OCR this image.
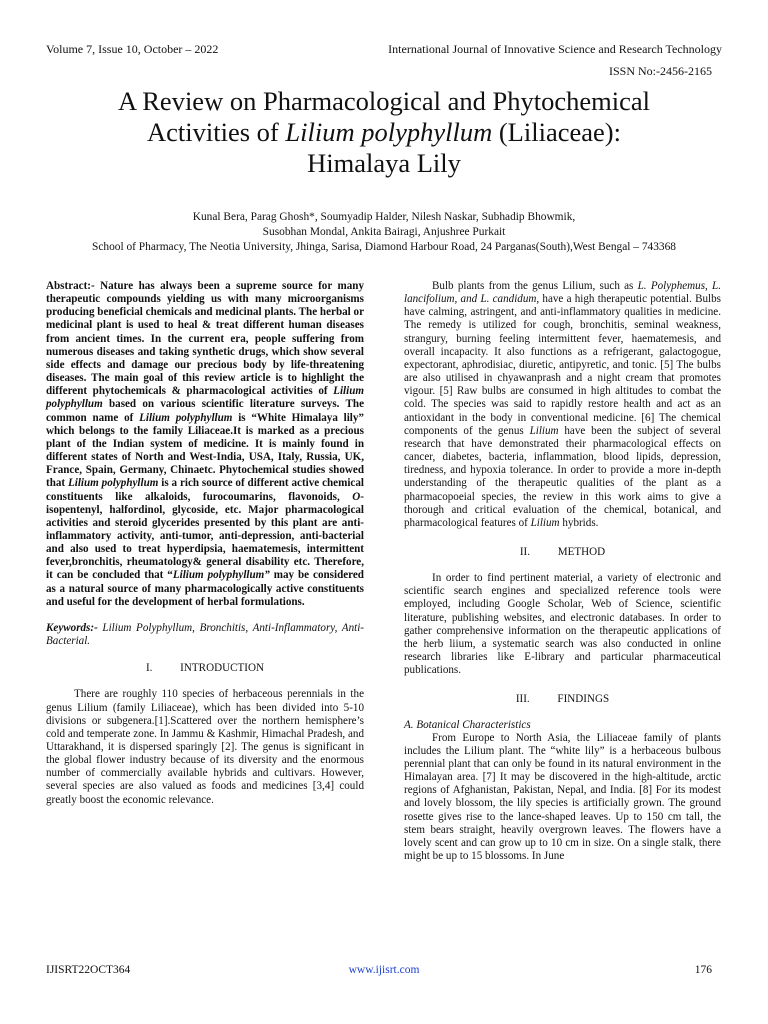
Volume 7, Issue 10, October – 2022	International Journal of Innovative Science and Research Technology
ISSN No:-2456-2165
A Review on Pharmacological and Phytochemical
Activities of Lilium polyphyllum (Liliaceae):
Himalaya Lily
Kunal Bera, Parag Ghosh*, Soumyadip Halder, Nilesh Naskar, Subhadip Bhowmik,
Susobhan Mondal, Ankita Bairagi, Anjushree Purkait
School of Pharmacy, The Neotia University, Jhinga, Sarisa, Diamond Harbour Road, 24 Parganas(South),West Bengal – 743368

Abstract:- Nature has always been a supreme source for many therapeutic compounds yielding us with many microorganisms producing beneficial chemicals and medicinal plants. The herbal or medicinal plant is used to heal & treat different human diseases from ancient times. In the current era, people suffering from numerous diseases and taking synthetic drugs, which show several side effects and damage our precious body by life-threatening diseases. The main goal of this review article is to highlight the different phytochemicals & pharmacological activities of Lilium polyphyllum based on various scientific literature surveys. The common name of Lilium polyphyllum is “White Himalaya lily” which belongs to the family Liliaceae.It is marked as a precious plant of the Indian system of medicine. It is mainly found in different states of North and West-India, USA, Italy, Russia, UK, France, Spain, Germany, Chinaetc. Phytochemical studies showed that Lilium polyphyllum is a rich source of different active chemical constituents like alkaloids, furocoumarins, flavonoids, O-isopentenyl, halfordinol, glycoside, etc. Major pharmacological activities and steroid glycerides presented by this plant are anti-inflammatory activity, anti-tumor, anti-depression, anti-bacterial and also used to treat hyperdipsia, haematemesis, intermittent fever,bronchitis, rheumatology& general disability etc. Therefore, it can be concluded that “Lilium polyphyllum” may be considered as a natural source of many pharmacologically active constituents and useful for the development of herbal formulations.

Keywords:- Lilium Polyphyllum, Bronchitis, Anti-Inflammatory, Anti- Bacterial.

I.          INTRODUCTION

There are roughly 110 species of herbaceous perennials in the genus Lilium (family Liliaceae), which has been divided into 5-10 divisions or subgenera.[1].Scattered over the northern hemisphere’s cold and temperate zone. In Jammu & Kashmir, Himachal Pradesh, and Uttarakhand, it is dispersed sparingly [2]. The genus is significant in the global flower industry because of its diversity and the enormous number of commercially available hybrids and cultivars. However, several species are also valued as foods and medicines [3,4] could greatly boost the economic relevance.

Bulb plants from the genus Lilium, such as L. Polyphemus, L. lancifolium, and L. candidum, have a high therapeutic potential. Bulbs have calming, astringent, and anti-inflammatory qualities in medicine. The remedy is utilized for cough, bronchitis, seminal weakness, strangury, burning feeling intermittent fever, haematemesis, and overall incapacity. It also functions as a refrigerant, galactogogue, expectorant, aphrodisiac, diuretic, antipyretic, and tonic. [5] The bulbs are also utilised in chyawanprash and a night cream that promotes vigour. [5] Raw bulbs are consumed in high altitudes to combat the cold. The species was said to rapidly restore health and act as an antioxidant in the body in conventional medicine. [6] The chemical components of the genus Lilium have been the subject of several research that have demonstrated their pharmacological effects on cancer, diabetes, bacteria, inflammation, blood lipids, depression, tiredness, and hypoxia tolerance. In order to provide a more in-depth understanding of the therapeutic qualities of the plant as a pharmacopoeial species, the review in this work aims to give a thorough and critical evaluation of the chemical, botanical, and pharmacological features of Lilium hybrids.

II.          METHOD

In order to find pertinent material, a variety of electronic and scientific search engines and specialized reference tools were employed, including Google Scholar, Web of Science, scientific literature, publishing websites, and electronic databases. In order to gather comprehensive information on the therapeutic applications of the herb liium, a systematic search was also conducted in online research libraries like E-library and particular pharmaceutical publications.

III.          FINDINGS
A. Botanical Characteristics

From Europe to North Asia, the Liliaceae family of plants includes the Lilium plant. The “white lily” is a herbaceous bulbous perennial plant that can only be found in its natural environment in the Himalayan area. [7] It may be discovered in the high-altitude, arctic regions of Afghanistan, Pakistan, Nepal, and India. [8] For its modest and lovely blossom, the lily species is artificially grown. The ground rosette gives rise to the lance-shaped leaves. Up to 150 cm tall, the stem bears straight, heavily overgrown leaves. The flowers have a lovely scent and can grow up to 10 cm in size. On a single stalk, there might be up to 15 blossoms. In June

IJISRT22OCT364	www.ijisrt.com	176
